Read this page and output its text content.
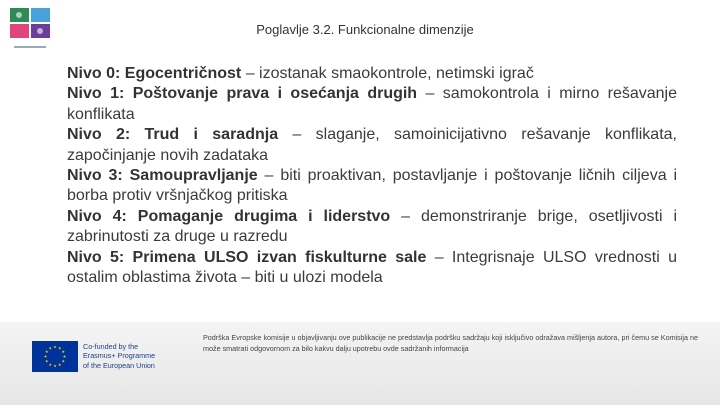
Poglavlje 3.2. Funkcionalne dimenzije

Nivo 0: Egocentričnost – izostanak smaokontrole, netimski igrač

Nivo 1: Poštovanje prava i osećanja drugih – samokontrola i mirno rešavanje konflikata

Nivo 2: Trud i saradnja – slaganje, samoinicijativno rešavanje konflikata, započinjanje novih zadataka

Nivo 3: Samoupravljanje – biti proaktivan, postavljanje i poštovanje ličnih ciljeva i borba protiv vršnjačkog pritiska

Nivo 4: Pomaganje drugima i liderstvo – demonstriranje brige, osetljivosti i zabrinutosti za druge u razredu

Nivo 5: Primena ULSO izvan fiskulturne sale – Integrisnaje ULSO vrednosti u ostalim oblastima života – biti u ulozi modela

Co-funded by the
Erasmus+ Programme
of the European Union
Podrška Evropske komisije u objavljivanju ove publikacije ne predstavlja podršku sadržaju koji isključivo odražava mišljenja autora, pri čemu se Komisija ne može smatrati odgovornom za bilo kakvu dalju upotrebu ovde sadržanih informacija
